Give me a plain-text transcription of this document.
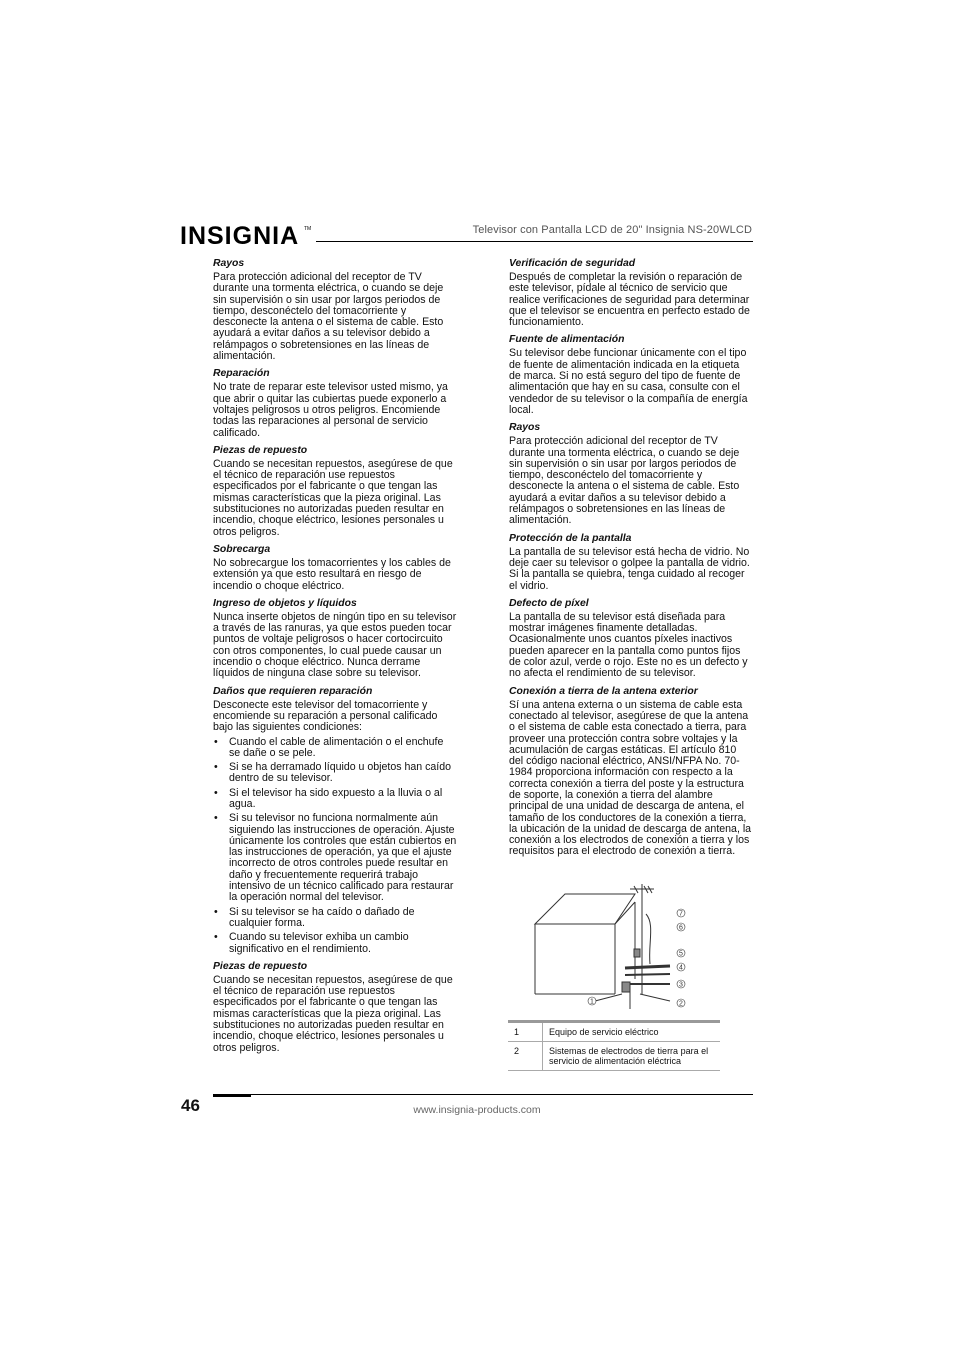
INSIGNIA TM	Televisor con Pantalla LCD de 20" Insignia NS-20WLCD
Rayos
Para protección adicional del receptor de TV durante una tormenta eléctrica, o cuando se deje sin supervisión o sin usar por largos periodos de tiempo, desconéctelo del tomacorriente y desconecte la antena o el sistema de cable. Esto ayudará a evitar daños a su televisor debido a relámpagos o sobretensiones en las líneas de alimentación.
Reparación
No trate de reparar este televisor usted mismo, ya que abrir o quitar las cubiertas puede exponerlo a voltajes peligrosos u otros peligros. Encomiende todas las reparaciones al personal de servicio calificado.
Piezas de repuesto
Cuando se necesitan repuestos, asegúrese de que el técnico de reparación use repuestos especificados por el fabricante o que tengan las mismas características que la pieza original. Las substituciones no autorizadas pueden resultar en incendio, choque eléctrico, lesiones personales u otros peligros.
Sobrecarga
No sobrecargue los tomacorrientes y los cables de extensión ya que esto resultará en riesgo de incendio o choque eléctrico.
Ingreso de objetos y líquidos
Nunca inserte objetos de ningún tipo en su televisor a través de las ranuras, ya que estos pueden tocar puntos de voltaje peligrosos o hacer cortocircuito con otros componentes, lo cual puede causar un incendio o choque eléctrico. Nunca derrame líquidos de ninguna clase sobre su televisor.
Daños que requieren reparación
Desconecte este televisor del tomacorriente y encomiende su reparación a personal calificado bajo las siguientes condiciones:
• Cuando el cable de alimentación o el enchufe se dañe o se pele.
• Si se ha derramado líquido u objetos han caído dentro de su televisor.
• Si el televisor ha sido expuesto a la lluvia o al agua.
• Si su televisor no funciona normalmente aún siguiendo las instrucciones de operación. Ajuste únicamente los controles que están cubiertos en las instrucciones de operación, ya que el ajuste incorrecto de otros controles puede resultar en daño y frecuentemente requerirá trabajo intensivo de un técnico calificado para restaurar la operación normal del televisor.
• Si su televisor se ha caído o dañado de cualquier forma.
• Cuando su televisor exhiba un cambio significativo en el rendimiento.
Piezas de repuesto
Cuando se necesitan repuestos, asegúrese de que el técnico de reparación use repuestos especificados por el fabricante o que tengan las mismas características que la pieza original. Las substituciones no autorizadas pueden resultar en incendio, choque eléctrico, lesiones personales u otros peligros.
Verificación de seguridad
Después de completar la revisión o reparación de este televisor, pídale al técnico de servicio que realice verificaciones de seguridad para determinar que el televisor se encuentra en perfecto estado de funcionamiento.
Fuente de alimentación
Su televisor debe funcionar únicamente con el tipo de fuente de alimentación indicada en la etiqueta de marca. Si no está seguro del tipo de fuente de alimentación que hay en su casa, consulte con el vendedor de su televisor o la compañía de energía local.
Rayos
Para protección adicional del receptor de TV durante una tormenta eléctrica, o cuando se deje sin supervisión o sin usar por largos periodos de tiempo, desconéctelo del tomacorriente y desconecte la antena o el sistema de cable. Esto ayudará a evitar daños a su televisor debido a relámpagos o sobretensiones en las líneas de alimentación.
Protección de la pantalla
La pantalla de su televisor está hecha de vidrio. No deje caer su televisor o golpee la pantalla de vidrio. Si la pantalla se quiebra, tenga cuidado al recoger el vidrio.
Defecto de píxel
La pantalla de su televisor está diseñada para mostrar imágenes finamente detalladas. Ocasionalmente unos cuantos píxeles inactivos pueden aparecer en la pantalla como puntos fijos de color azul, verde o rojo. Este no es un defecto y no afecta el rendimiento de su televisor.
Conexión a tierra de la antena exterior
Sí una antena externa o un sistema de cable esta conectado al televisor, asegúrese de que la antena o el sistema de cable esta conectado a tierra, para proveer una protección contra sobre voltajes y la acumulación de cargas estáticas. El artículo 810 del código nacional eléctrico, ANSI/NFPA No. 70-1984 proporciona información con respecto a la correcta conexión a tierra del poste y la estructura de soporte, la conexión a tierra del alambre principal de una unidad de descarga de antena, el tamaño de los conductores de la conexión a tierra, la ubicación de la unidad de descarga de antena, la conexión a los electrodos de conexión a tierra y los requisitos para el electrodo de conexión a tierra.
1	2
3
4
5
6
7
1	Equipo de servicio eléctrico
2	Sistemas de electrodos de tierra para el servicio de alimentación eléctrica
46	www.insignia-products.com
